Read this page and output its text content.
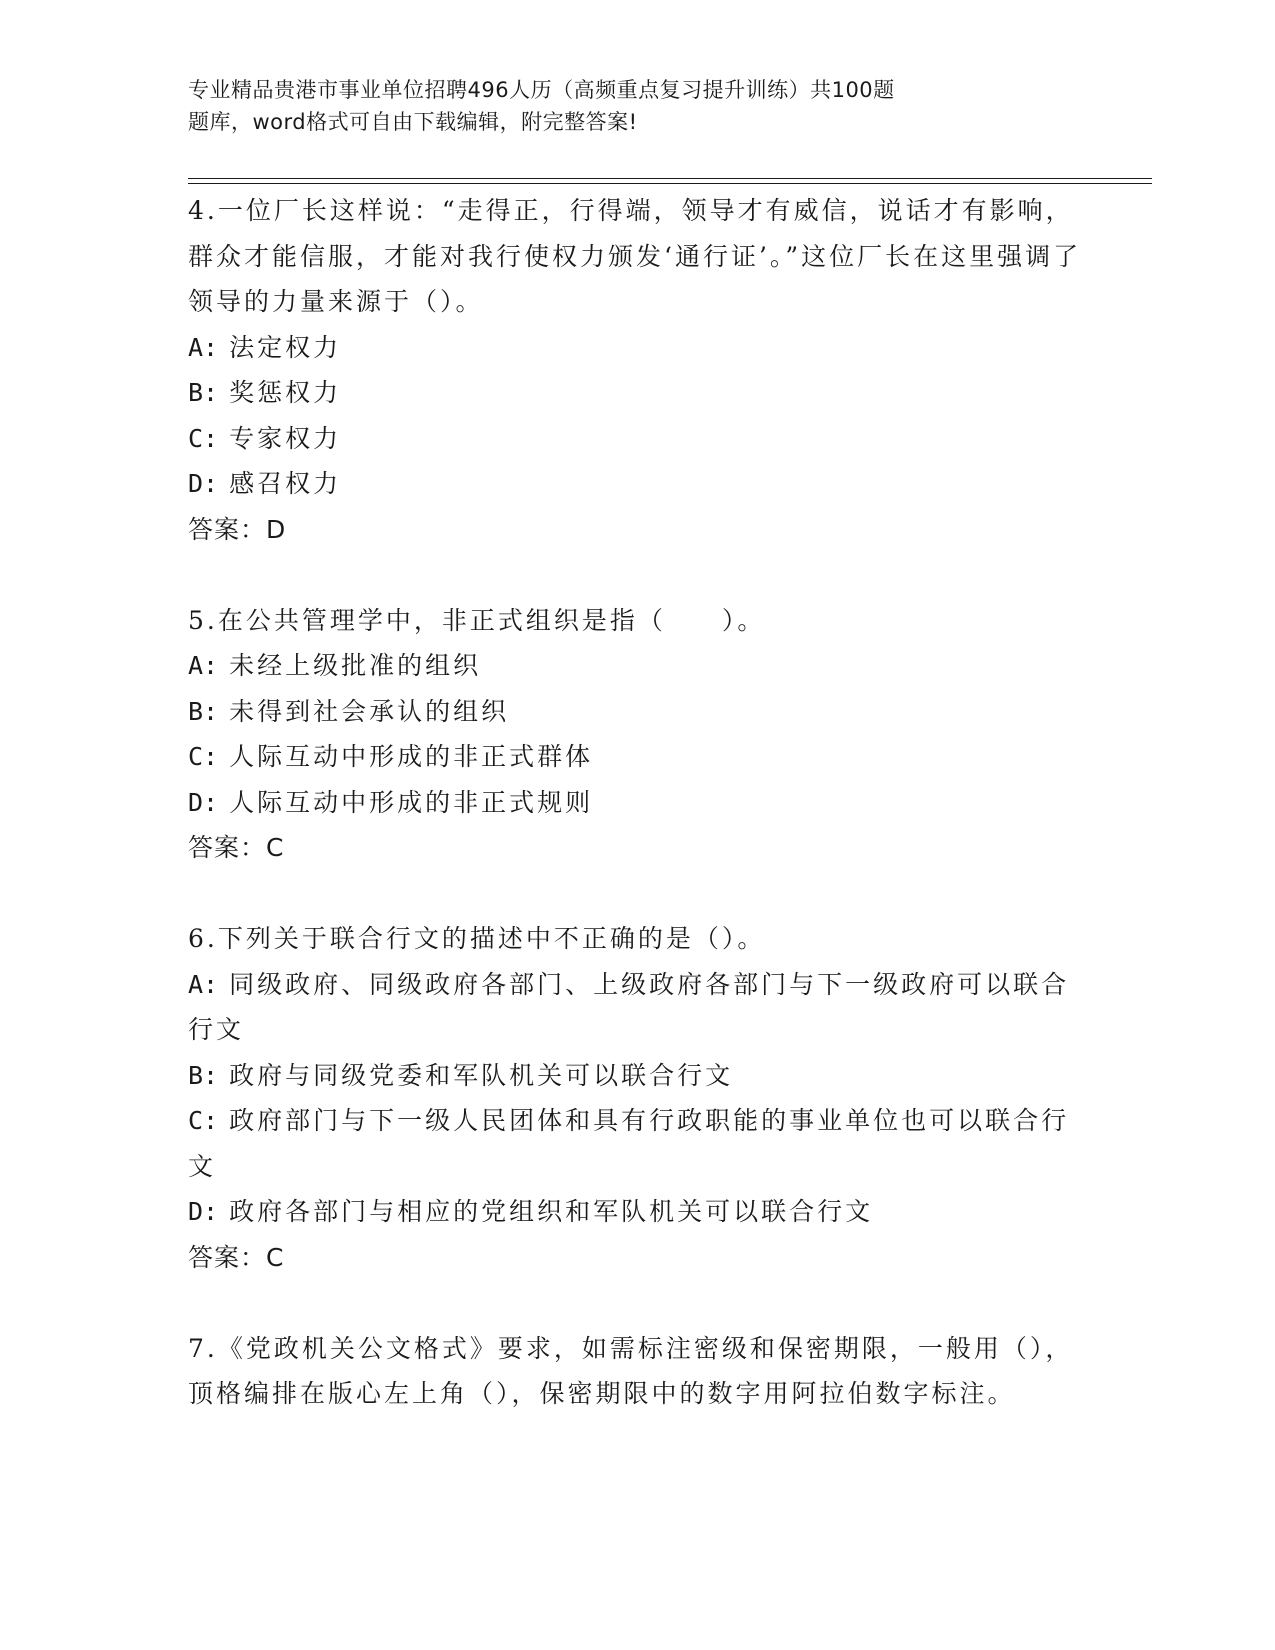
专业精品贵港市事业单位招聘496人历（高频重点复习提升训练）共100题
题库，word格式可自由下载编辑，附完整答案!

4.一位厂长这样说：“走得正，行得端，领导才有威信，说话才有影响，群众才能信服，才能对我行使权力颁发‘通行证’。”这位厂长在这里强调了领导的力量来源于（）。

A: 法定权力

B: 奖惩权力

C: 专家权力

D: 感召权力

答案：D

5.在公共管理学中，非正式组织是指（　　）。

A: 未经上级批准的组织

B: 未得到社会承认的组织

C: 人际互动中形成的非正式群体

D: 人际互动中形成的非正式规则

答案：C

6.下列关于联合行文的描述中不正确的是（）。

A: 同级政府、同级政府各部门、上级政府各部门与下一级政府可以联合行文

B: 政府与同级党委和军队机关可以联合行文

C: 政府部门与下一级人民团体和具有行政职能的事业单位也可以联合行文

D: 政府各部门与相应的党组织和军队机关可以联合行文

答案：C

7.《党政机关公文格式》要求，如需标注密级和保密期限，一般用（），顶格编排在版心左上角（），保密期限中的数字用阿拉伯数字标注。
